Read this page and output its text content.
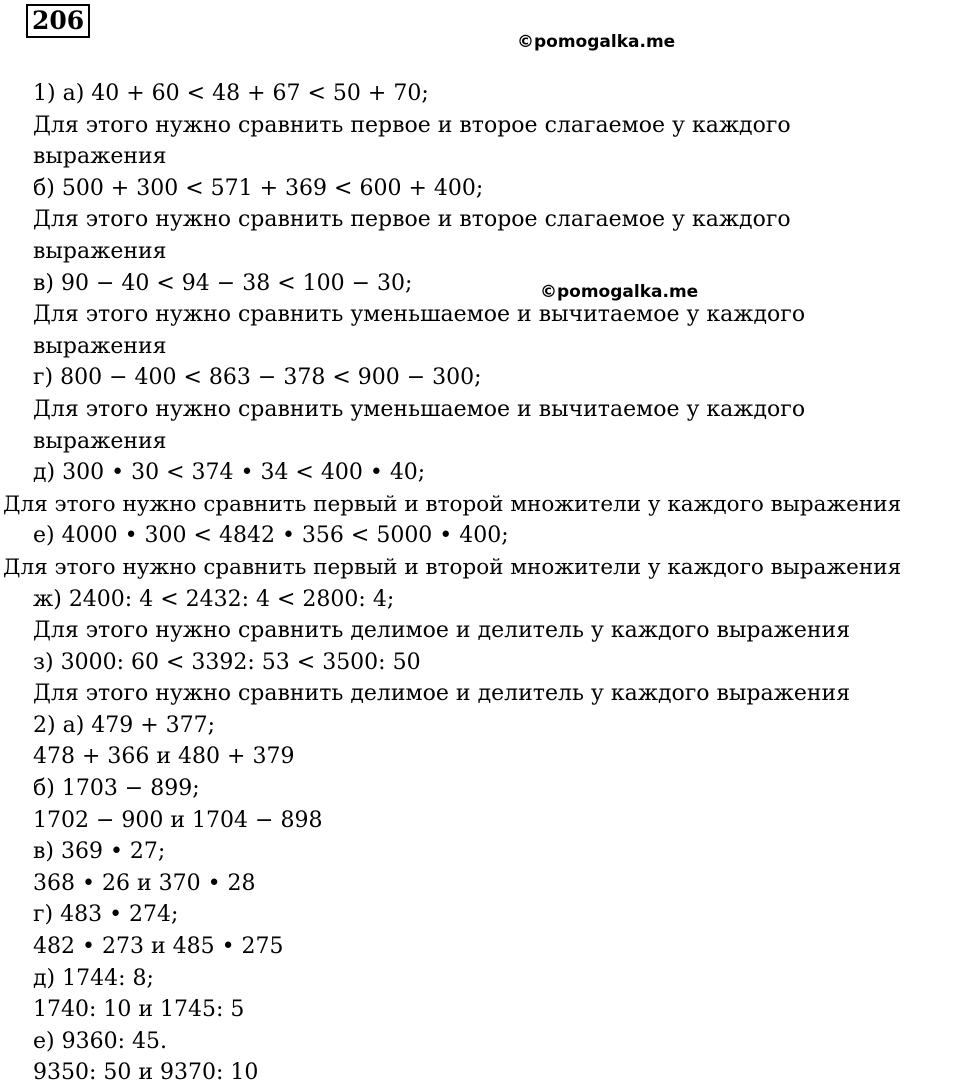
206
©pomogalka.me
1) а) 40 + 60 < 48 + 67 < 50 + 70;
Для этого нужно сравнить первое и второе слагаемое у каждого
выражения
б) 500 + 300 < 571 + 369 < 600 + 400;
Для этого нужно сравнить первое и второе слагаемое у каждого
выражения
в) 90 − 40 < 94 − 38 < 100 − 30;
Для этого нужно сравнить уменьшаемое и вычитаемое у каждого
выражения
г) 800 − 400 < 863 − 378 < 900 − 300;
Для этого нужно сравнить уменьшаемое и вычитаемое у каждого
выражения
д) 300 • 30 < 374 • 34 < 400 • 40;
Для этого нужно сравнить первый и второй множители у каждого выражения
е) 4000 • 300 < 4842 • 356 < 5000 • 400;
Для этого нужно сравнить первый и второй множители у каждого выражения
ж) 2400: 4 < 2432: 4 < 2800: 4;
Для этого нужно сравнить делимое и делитель у каждого выражения
з) 3000: 60 < 3392: 53 < 3500: 50
Для этого нужно сравнить делимое и делитель у каждого выражения
2) а) 479 + 377;
478 + 366 и 480 + 379
б) 1703 − 899;
1702 − 900 и 1704 − 898
в) 369 • 27;
368 • 26 и 370 • 28
г) 483 • 274;
482 • 273 и 485 • 275
д) 1744: 8;
1740: 10 и 1745: 5
е) 9360: 45.
9350: 50 и 9370: 10
©pomogalka.me
